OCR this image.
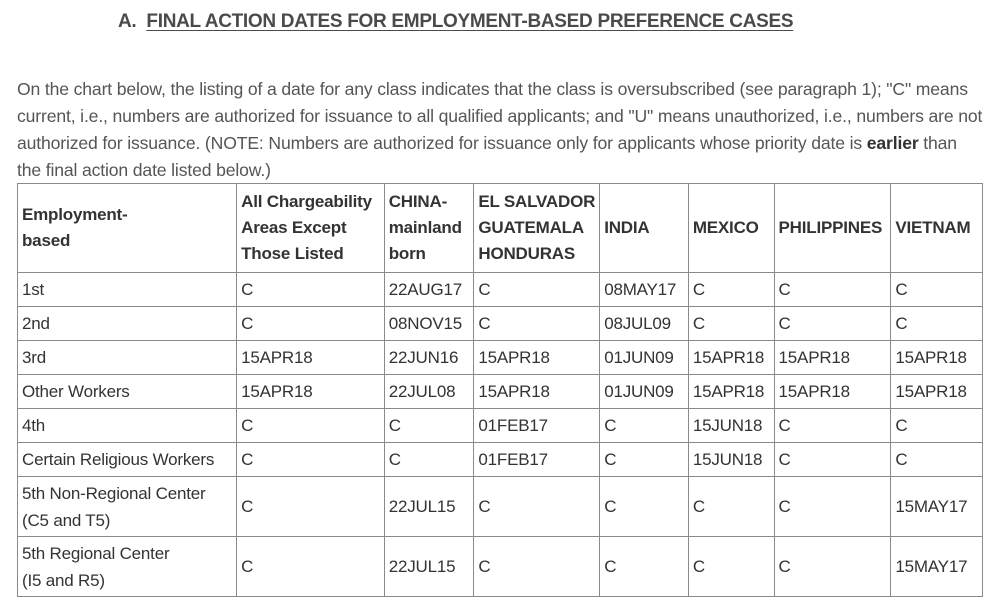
A. FINAL ACTION DATES FOR EMPLOYMENT-BASED PREFERENCE CASES

On the chart below, the listing of a date for any class indicates that the class is oversubscribed (see paragraph 1); "C" means current, i.e., numbers are authorized for issuance to all qualified applicants; and "U" means unauthorized, i.e., numbers are not authorized for issuance. (NOTE: Numbers are authorized for issuance only for applicants whose priority date is earlier than the final action date listed below.)

Employment-
based	All Chargeability
Areas Except
Those Listed	CHINA-
mainland
born	EL SALVADOR
GUATEMALA
HONDURAS	INDIA	MEXICO	PHILIPPINES	VIETNAM

1st	C	22AUG17	C	08MAY17	C	C	C

2nd	C	08NOV15	C	08JUL09	C	C	C

3rd	15APR18	22JUN16	15APR18	01JUN09	15APR18	15APR18	15APR18

Other Workers	15APR18	22JUL08	15APR18	01JUN09	15APR18	15APR18	15APR18

4th	C	C	01FEB17	C	15JUN18	C	C

Certain Religious Workers	C	C	01FEB17	C	15JUN18	C	C

5th Non-Regional Center
(C5 and T5)	C	22JUL15	C	C	C	C	15MAY17

5th Regional Center
(I5 and R5)	C	22JUL15	C	C	C	C	15MAY17
